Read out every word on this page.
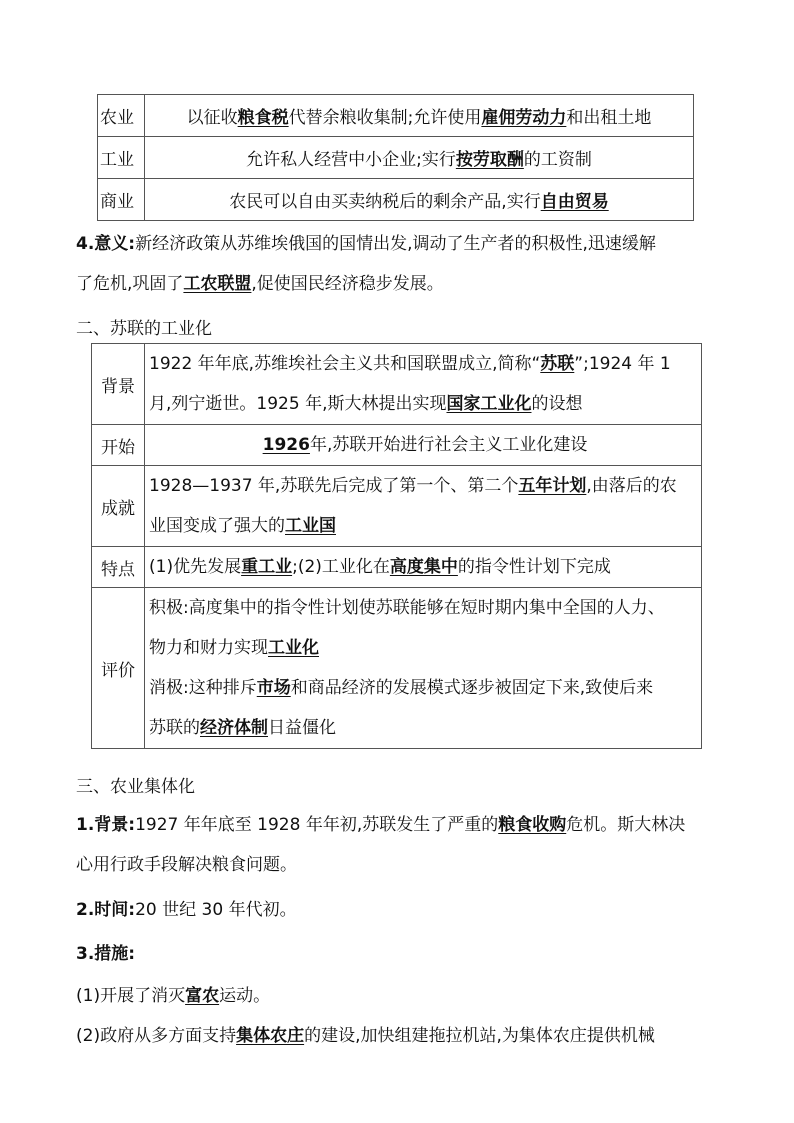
农业	以征收粮食税代替余粮收集制;允许使用雇佣劳动力和出租土地
工业	允许私人经营中小企业;实行按劳取酬的工资制
商业	农民可以自由买卖纳税后的剩余产品,实行自由贸易
4.意义:新经济政策从苏维埃俄国的国情出发,调动了生产者的积极性,迅速缓解
了危机,巩固了工农联盟,促使国民经济稳步发展。
二、苏联的工业化
背景	1922 年年底,苏维埃社会主义共和国联盟成立,简称“苏联”;1924 年 1
月,列宁逝世。1925 年,斯大林提出实现国家工业化的设想
开始	1926年,苏联开始进行社会主义工业化建设
成就	1928—1937 年,苏联先后完成了第一个、第二个五年计划,由落后的农
业国变成了强大的工业国
特点	(1)优先发展重工业;(2)工业化在高度集中的指令性计划下完成
评价	积极:高度集中的指令性计划使苏联能够在短时期内集中全国的人力、
物力和财力实现工业化
消极:这种排斥市场和商品经济的发展模式逐步被固定下来,致使后来
苏联的经济体制日益僵化
三、农业集体化
1.背景:1927 年年底至 1928 年年初,苏联发生了严重的粮食收购危机。斯大林决
心用行政手段解决粮食问题。
2.时间:20 世纪 30 年代初。
3.措施:
(1)开展了消灭富农运动。
(2)政府从多方面支持集体农庄的建设,加快组建拖拉机站,为集体农庄提供机械
